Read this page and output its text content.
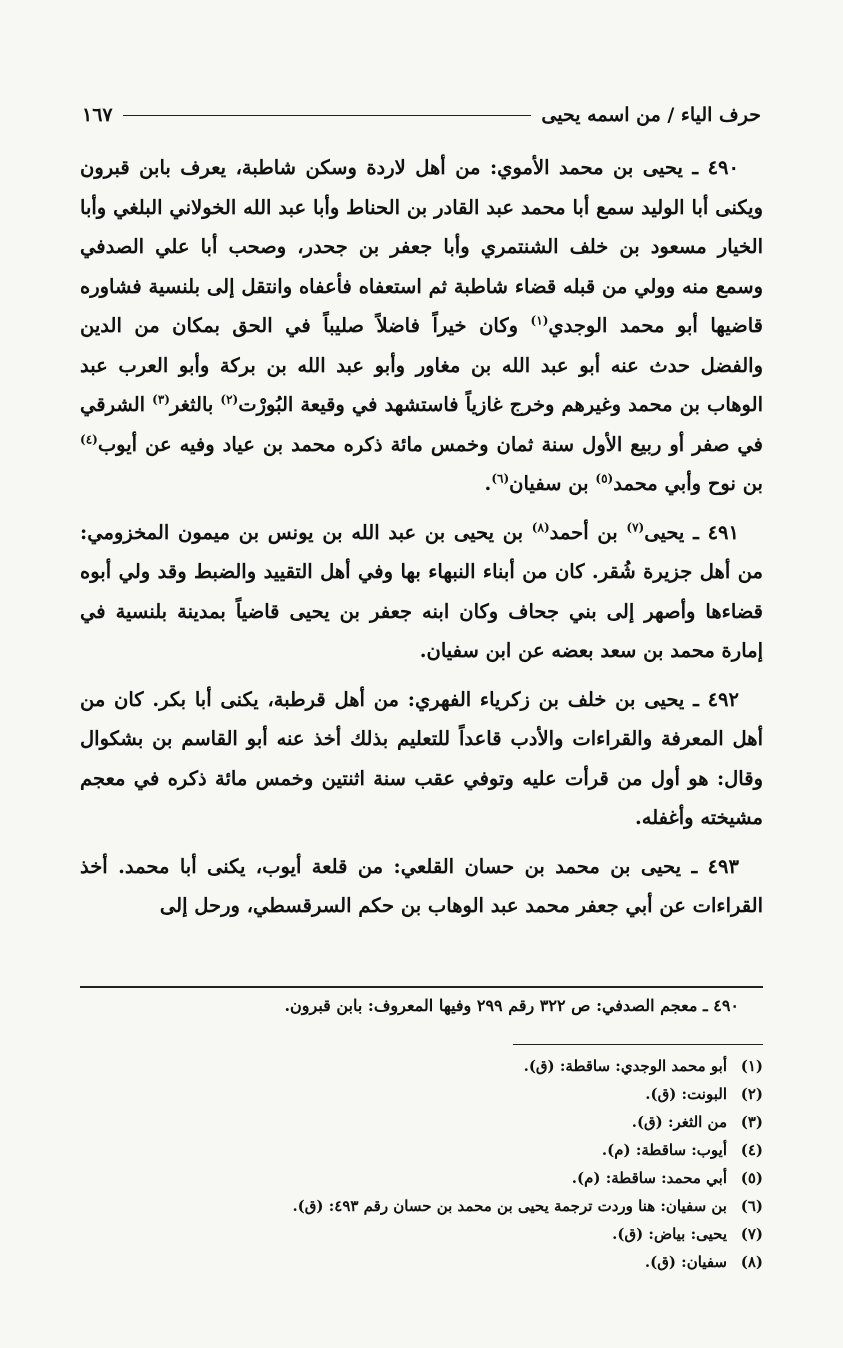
حرف الياء / من اسمه يحيى
١٦٧

٤٩٠ ـ يحيى بن محمد الأموي: من أهل لاردة وسكن شاطبة، يعرف بابن قبرون ويكنى أبا الوليد سمع أبا محمد عبد القادر بن الحناط وأبا عبد الله الخولاني البلغي وأبا الخيار مسعود بن خلف الشنتمري وأبا جعفر بن جحدر، وصحب أبا علي الصدفي وسمع منه وولي من قبله قضاء شاطبة ثم استعفاه فأعفاه وانتقل إلى بلنسية فشاوره قاضيها أبو محمد الوجدي$^{(١)}$ وكان خيراً فاضلاً صليباً في الحق بمكان من الدين والفضل حدث عنه أبو عبد الله بن مغاور وأبو عبد الله بن بركة وأبو العرب عبد الوهاب بن محمد وغيرهم وخرج غازياً فاستشهد في وقيعة البُورْت$^{(٢)}$ بالثغر$^{(٣)}$ الشرقي في صفر أو ربيع الأول سنة ثمان وخمس مائة ذكره محمد بن عياد وفيه عن أيوب$^{(٤)}$ بن نوح وأبي محمد$^{(٥)}$ بن سفيان$^{(٦)}$.

٤٩١ ـ يحيى$^{(٧)}$ بن أحمد$^{(٨)}$ بن يحيى بن عبد الله بن يونس بن ميمون المخزومي: من أهل جزيرة شُقر. كان من أبناء النبهاء بها وفي أهل التقييد والضبط وقد ولي أبوه قضاءها وأصهر إلى بني جحاف وكان ابنه جعفر بن يحيى قاضياً بمدينة بلنسية في إمارة محمد بن سعد بعضه عن ابن سفيان.

٤٩٢ ـ يحيى بن خلف بن زكرياء الفهري: من أهل قرطبة، يكنى أبا بكر. كان من أهل المعرفة والقراءات والأدب قاعداً للتعليم بذلك أخذ عنه أبو القاسم بن بشكوال وقال: هو أول من قرأت عليه وتوفي عقب سنة اثنتين وخمس مائة ذكره في معجم مشيخته وأغفله.

٤٩٣ ـ يحيى بن محمد بن حسان القلعي: من قلعة أيوب، يكنى أبا محمد. أخذ القراءات عن أبي جعفر محمد عبد الوهاب بن حكم السرقسطي، ورحل إلى

٤٩٠ ـ معجم الصدفي: ص ٣٢٢ رقم ٢٩٩ وفيها المعروف: بابن قبرون.
(١)
أبو محمد الوجدي: ساقطة: (ق).
(٢)
البونت: (ق).
(٣)
من الثغر: (ق).
(٤)
أيوب: ساقطة: (م).
(٥)
أبي محمد: ساقطة: (م).
(٦)
بن سفيان: هنا وردت ترجمة يحيى بن محمد بن حسان رقم ٤٩٣: (ق).
(٧)
يحيى: بياض: (ق).
(٨)
سفيان: (ق).
